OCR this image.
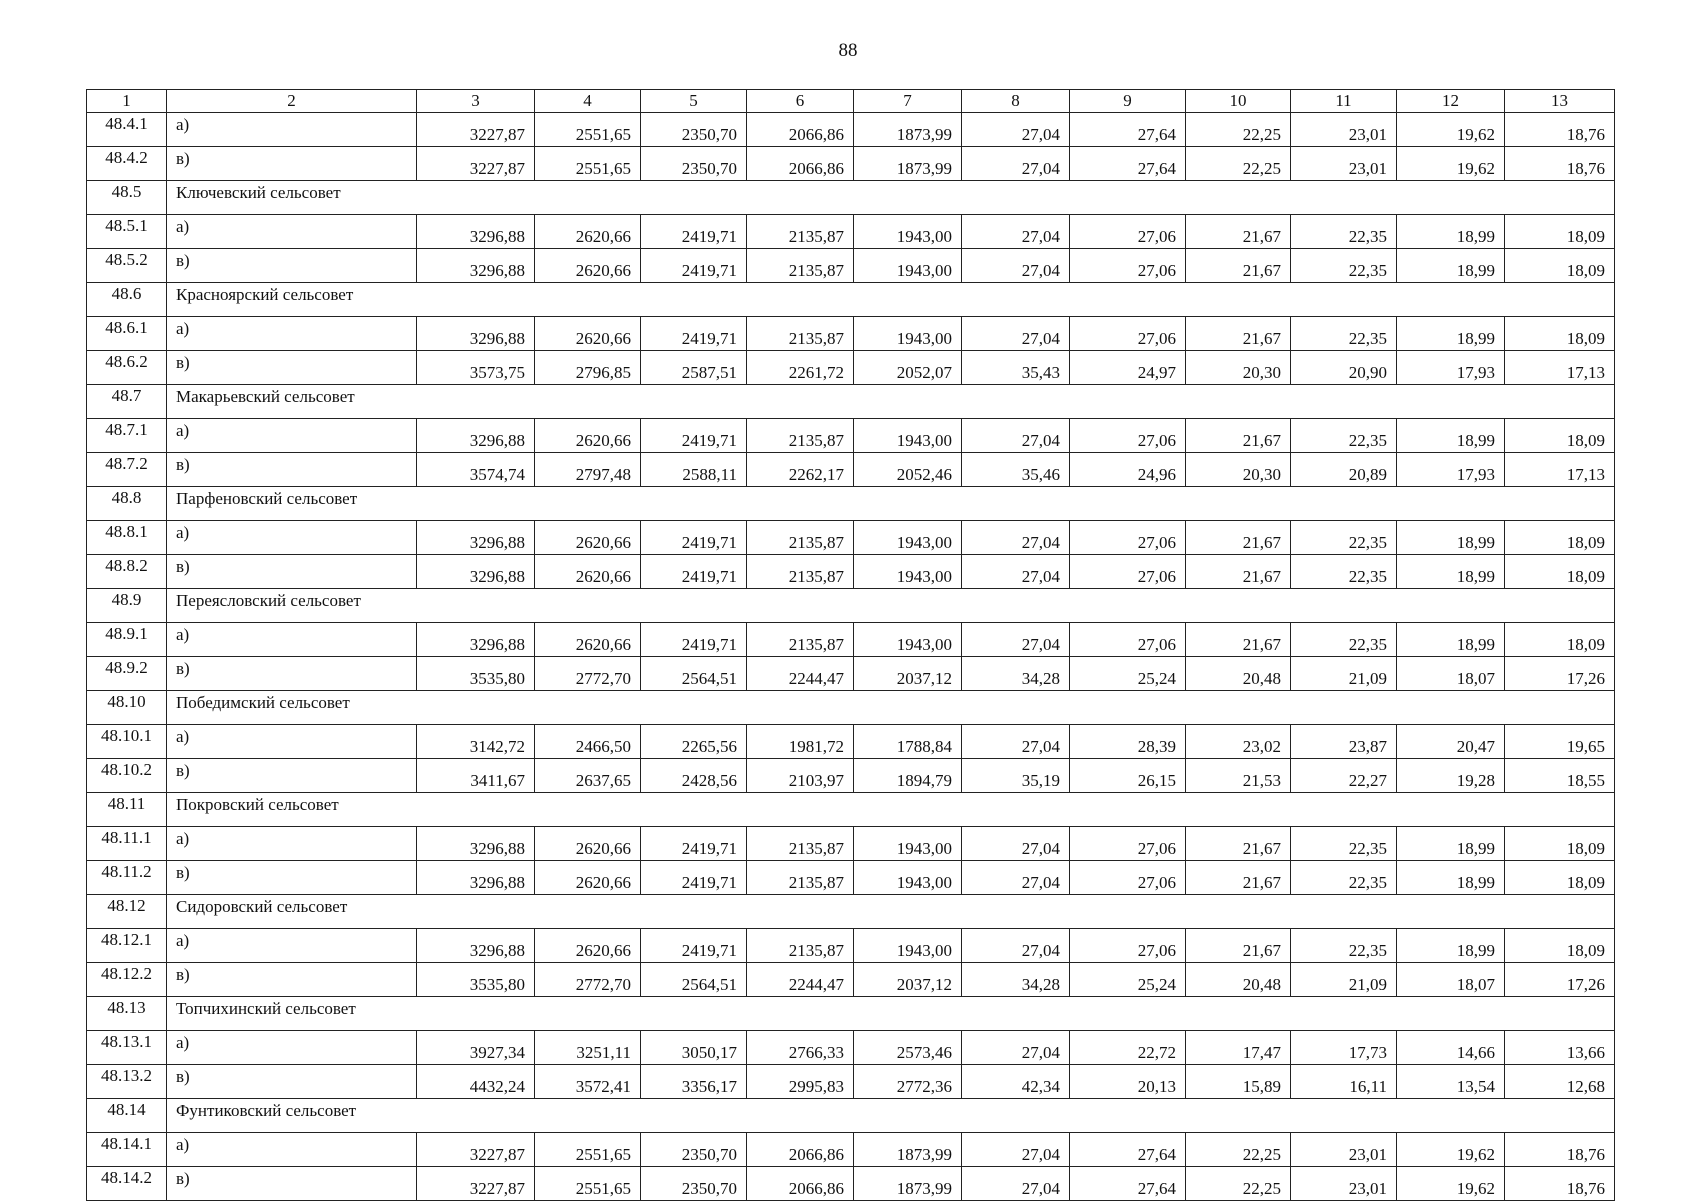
88
1	2	3	4	5	6	7	8	9	10	11	12	13
48.4.1	а)	3227,87	2551,65	2350,70	2066,86	1873,99	27,04	27,64	22,25	23,01	19,62	18,76
48.4.2	в)	3227,87	2551,65	2350,70	2066,86	1873,99	27,04	27,64	22,25	23,01	19,62	18,76
48.5	Ключевский сельсовет											
48.5.1	а)	3296,88	2620,66	2419,71	2135,87	1943,00	27,04	27,06	21,67	22,35	18,99	18,09
48.5.2	в)	3296,88	2620,66	2419,71	2135,87	1943,00	27,04	27,06	21,67	22,35	18,99	18,09
48.6	Красноярский сельсовет											
48.6.1	а)	3296,88	2620,66	2419,71	2135,87	1943,00	27,04	27,06	21,67	22,35	18,99	18,09
48.6.2	в)	3573,75	2796,85	2587,51	2261,72	2052,07	35,43	24,97	20,30	20,90	17,93	17,13
48.7	Макарьевский сельсовет											
48.7.1	а)	3296,88	2620,66	2419,71	2135,87	1943,00	27,04	27,06	21,67	22,35	18,99	18,09
48.7.2	в)	3574,74	2797,48	2588,11	2262,17	2052,46	35,46	24,96	20,30	20,89	17,93	17,13
48.8	Парфеновский сельсовет											
48.8.1	а)	3296,88	2620,66	2419,71	2135,87	1943,00	27,04	27,06	21,67	22,35	18,99	18,09
48.8.2	в)	3296,88	2620,66	2419,71	2135,87	1943,00	27,04	27,06	21,67	22,35	18,99	18,09
48.9	Переясловский сельсовет											
48.9.1	а)	3296,88	2620,66	2419,71	2135,87	1943,00	27,04	27,06	21,67	22,35	18,99	18,09
48.9.2	в)	3535,80	2772,70	2564,51	2244,47	2037,12	34,28	25,24	20,48	21,09	18,07	17,26
48.10	Победимский сельсовет											
48.10.1	а)	3142,72	2466,50	2265,56	1981,72	1788,84	27,04	28,39	23,02	23,87	20,47	19,65
48.10.2	в)	3411,67	2637,65	2428,56	2103,97	1894,79	35,19	26,15	21,53	22,27	19,28	18,55
48.11	Покровский сельсовет											
48.11.1	а)	3296,88	2620,66	2419,71	2135,87	1943,00	27,04	27,06	21,67	22,35	18,99	18,09
48.11.2	в)	3296,88	2620,66	2419,71	2135,87	1943,00	27,04	27,06	21,67	22,35	18,99	18,09
48.12	Сидоровский сельсовет											
48.12.1	а)	3296,88	2620,66	2419,71	2135,87	1943,00	27,04	27,06	21,67	22,35	18,99	18,09
48.12.2	в)	3535,80	2772,70	2564,51	2244,47	2037,12	34,28	25,24	20,48	21,09	18,07	17,26
48.13	Топчихинский сельсовет											
48.13.1	а)	3927,34	3251,11	3050,17	2766,33	2573,46	27,04	22,72	17,47	17,73	14,66	13,66
48.13.2	в)	4432,24	3572,41	3356,17	2995,83	2772,36	42,34	20,13	15,89	16,11	13,54	12,68
48.14	Фунтиковский сельсовет											
48.14.1	а)	3227,87	2551,65	2350,70	2066,86	1873,99	27,04	27,64	22,25	23,01	19,62	18,76
48.14.2	в)	3227,87	2551,65	2350,70	2066,86	1873,99	27,04	27,64	22,25	23,01	19,62	18,76
